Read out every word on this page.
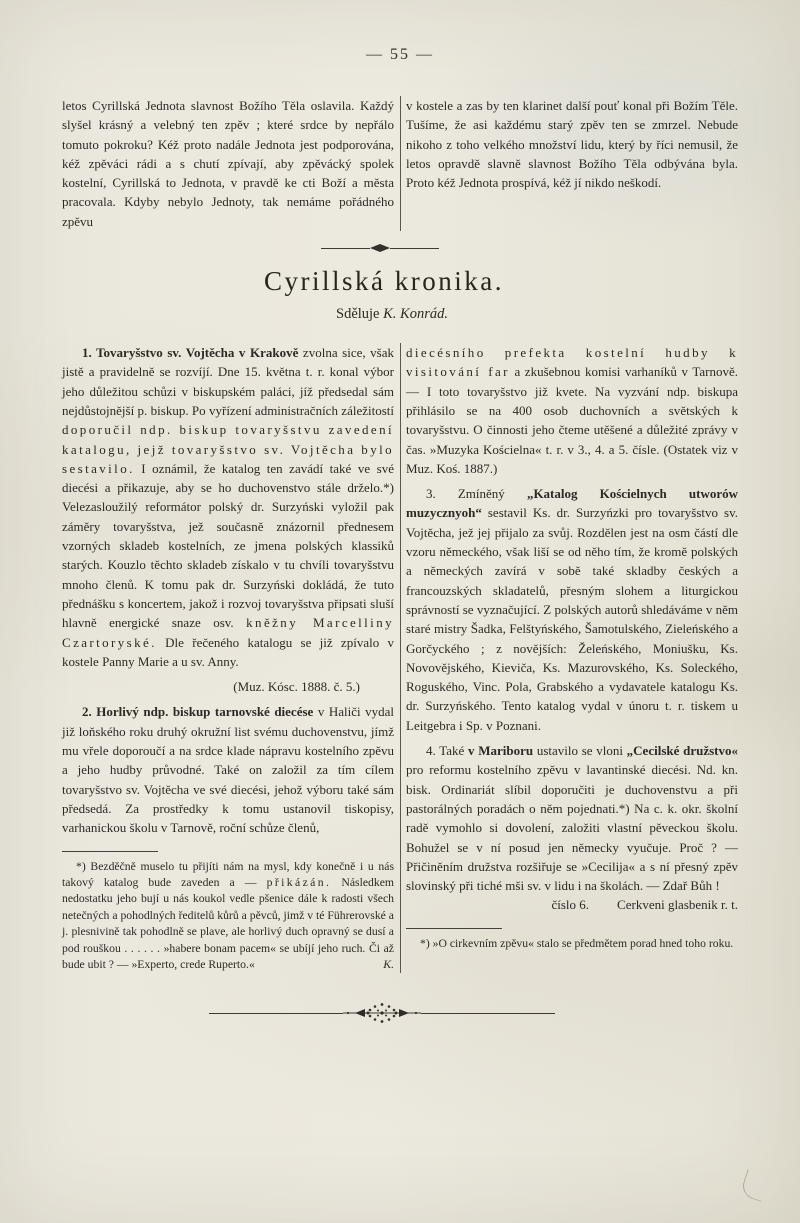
— 55 —

letos Cyrillská Jednota slavnost Božího Těla oslavila. Každý slyšel krásný a velebný ten zpěv ; které srdce by nepřálo tomuto pokroku? Kéž proto nadále Jednota jest podporována, kéž zpěváci rádi a s chutí zpívají, aby zpěvácký spolek kostelní, Cyrillská to Jednota, v pravdě ke cti Boží a města pracovala. Kdyby nebylo Jednoty, tak nemáme pořádného zpěvu

v kostele a zas by ten klarinet další pouť konal při Božím Těle. Tušíme, že asi každému starý zpěv ten se zmrzel. Nebude nikoho z toho velkého množství lidu, který by říci nemusil, že letos opravdě slavně slavnost Božího Těla odbývána byla. Proto kéž Jednota prospívá, kéž jí nikdo neškodí.

Cyrillská kronika.
Sděluje K. Konrád.

1. Tovaryšstvo sv. Vojtěcha v Krakově zvolna sice, však jistě a pravidelně se rozvíjí. Dne 15. května t. r. konal výbor jeho důležitou schůzi v biskupském paláci, jíž předsedal sám nejdůstojnější p. biskup. Po vyřízení administračních záležitostí doporučil ndp. biskup tovaryšstvu zavedení katalogu, jejž tovaryšstvo sv. Vojtěcha bylo sestavilo. I oznámil, že katalog ten zavádí také ve své diecési a přikazuje, aby se ho duchovenstvo stále drželo.*) Velezasloužilý reformátor polský dr. Surzyński vyložil pak záměry tovaryšstva, jež současně znázornil přednesem vzorných skladeb kostelních, ze jmena polských klassiků starých. Kouzlo těchto skladeb získalo v tu chvíli tovaryšstvu mnoho členů. K tomu pak dr. Surzyński dokládá, že tuto přednášku s koncertem, jakož i rozvoj tovaryšstva připsati sluší hlavně energické snaze osv. kněžny Marcelliny Czartoryské. Dle řečeného katalogu se již zpívalo v kostele Panny Marie a u sv. Anny.

(Muz. Kósc. 1888. č. 5.)

2. Horlivý ndp. biskup tarnovské diecése v Haliči vydal již loňského roku druhý okružní list svému duchovenstvu, jímž mu vřele doporoučí a na srdce klade nápravu kostelního zpěvu a jeho hudby průvodné. Také on založil za tím cílem tovaryšstvo sv. Vojtěcha ve své diecési, jehož výboru také sám předsedá. Za prostředky k tomu ustanovil tiskopisy, varhanickou školu v Tarnově, roční schůze členů,

*) Bezděčně muselo tu přijíti nám na mysl, kdy konečně i u nás takový katalog bude zaveden a — přikázán. Následkem nedostatku jeho bují u nás koukol vedle pšenice dále k radosti všech netečných a pohodlných ředitelů kůrů a pěvců, jimž v té Führerovské a j. plesnivině tak pohodlně se plave, ale horlivý duch opravný se dusí a pod rouškou . . . . . . »habere bonam pacem« se ubíjí jeho ruch. Či až bude ubit ? — »Experto, crede Ruperto.«	K.

diecésního prefekta kostelní hudby k visitování far a zkušebnou komisi varhaníků v Tarnově. — I toto tovaryšstvo již kvete. Na vyzvání ndp. biskupa přihlásilo se na 400 osob duchovních a světských k tovaryšstvu. O činnosti jeho čteme utěšené a důležité zprávy v čas. »Muzyka Kościelna« t. r. v 3., 4. a 5. čísle. (Ostatek viz v Muz. Koś. 1887.)

3. Zmíněný „Katalog Kościelnych utworów muzycznyoh“ sestavil Ks. dr. Surzyńzki pro tovaryšstvo sv. Vojtěcha, jež jej přijalo za svůj. Rozdělen jest na osm částí dle vzoru německého, však liší se od něho tím, že kromě polských a německých zavírá v sobě také skladby českých a francouzských skladatelů, přesným slohem a liturgickou správností se vyznačující. Z polských autorů shledáváme v něm staré mistry Šadka, Felštyńského, Šamotulského, Zieleńského a Gorčyckého ; z novějších: Želeńského, Moniušku, Ks. Novovějského, Kieviča, Ks. Mazurovského, Ks. Soleckého, Roguského, Vinc. Pola, Grabského a vydavatele katalogu Ks. dr. Surzyńského. Tento katalog vydal v únoru t. r. tiskem u Leitgebra i Sp. v Poznani.

4. Také v Mariboru ustavilo se vloni „Cecilské družstvo« pro reformu kostelního zpěvu v lavantinské diecési. Nd. kn. bisk. Ordinariát slíbil doporučiti je duchovenstvu a při pastorálných poradách o něm pojednati.*) Na c. k. okr. školní radě vymohlo si dovolení, založiti vlastní pěveckou školu. Bohužel se v ní posud jen německy vyučuje. Proč ? — Přičiněním družstva rozšiřuje se »Cecilija« a s ní přesný zpěv slovinský při tiché mši sv. v lidu i na školách. — Zdař Bůh !
Cerkveni glasbenik r. t.

číslo 6.

*) »O cirkevním zpěvu« stalo se předmětem porad hned toho roku.
